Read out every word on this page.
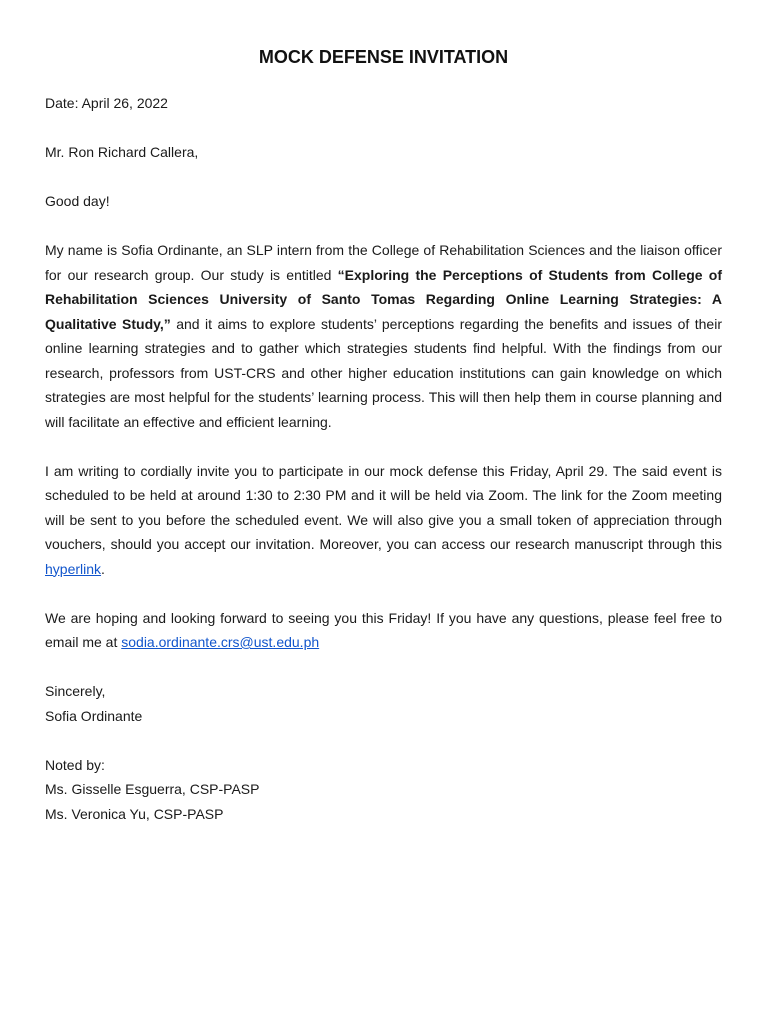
MOCK DEFENSE INVITATION

Date: April 26, 2022

Mr. Ron Richard Callera,

Good day!

My name is Sofia Ordinante, an SLP intern from the College of Rehabilitation Sciences and the liaison officer for our research group. Our study is entitled “Exploring the Perceptions of Students from College of Rehabilitation Sciences University of Santo Tomas Regarding Online Learning Strategies: A Qualitative Study,” and it aims to explore students’ perceptions regarding the benefits and issues of their online learning strategies and to gather which strategies students find helpful. With the findings from our research, professors from UST-CRS and other higher education institutions can gain knowledge on which strategies are most helpful for the students’ learning process. This will then help them in course planning and will facilitate an effective and efficient learning.

I am writing to cordially invite you to participate in our mock defense this Friday, April 29. The said event is scheduled to be held at around 1:30 to 2:30 PM and it will be held via Zoom. The link for the Zoom meeting will be sent to you before the scheduled event. We will also give you a small token of appreciation through vouchers, should you accept our invitation. Moreover, you can access our research manuscript through this hyperlink.

We are hoping and looking forward to seeing you this Friday! If you have any questions, please feel free to email me at sodia.ordinante.crs@ust.edu.ph

Sincerely,

Sofia Ordinante

Noted by:

Ms. Gisselle Esguerra, CSP-PASP

Ms. Veronica Yu, CSP-PASP
